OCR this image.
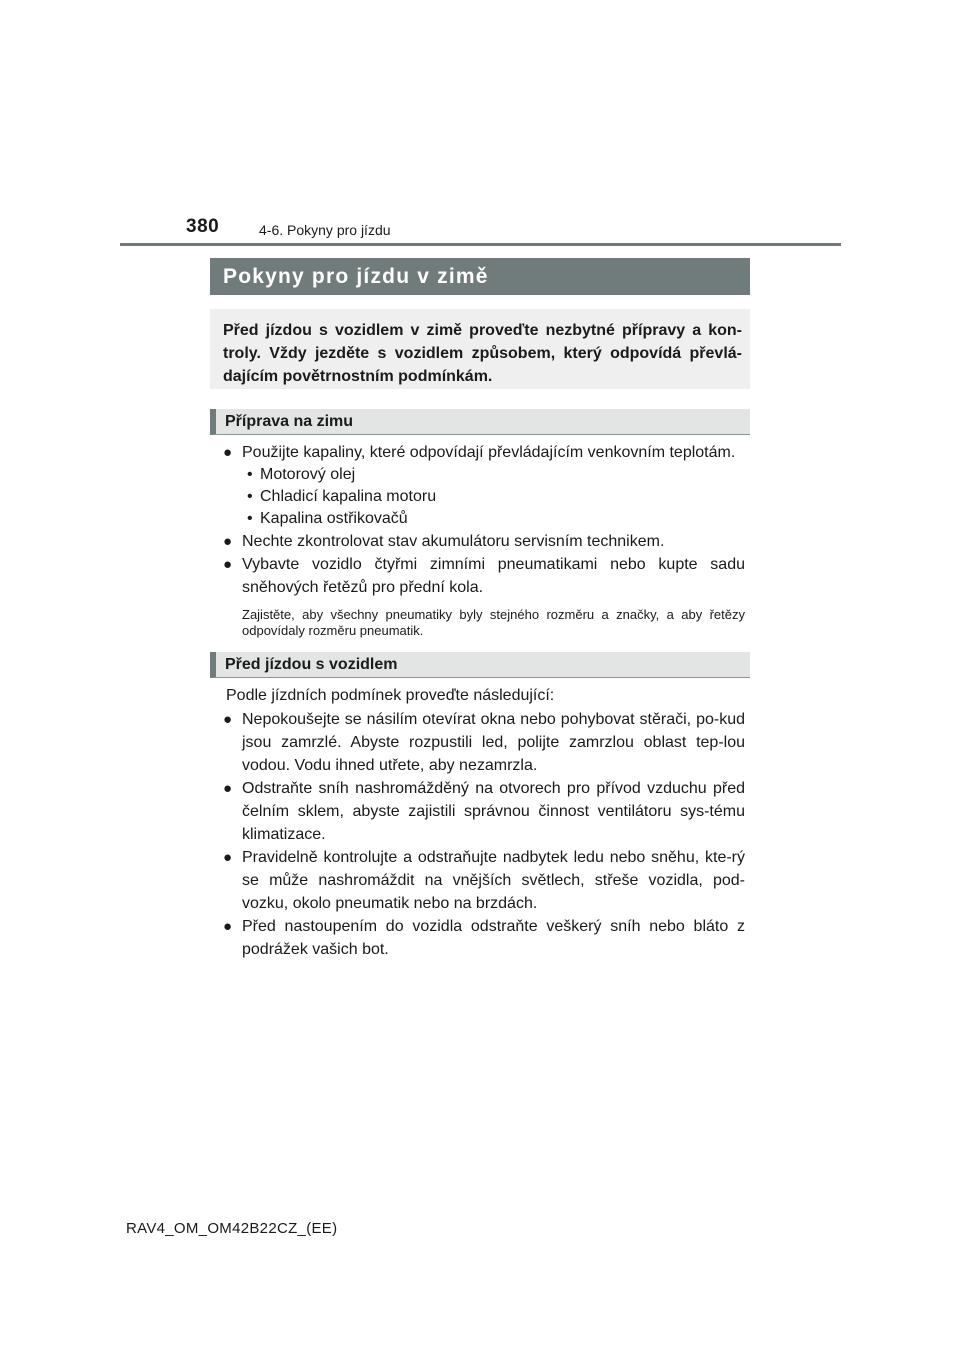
380	4-6. Pokyny pro jízdu
Pokyny pro jízdu v zimě
Před jízdou s vozidlem v zimě proveďte nezbytné přípravy a kon-troly. Vždy jezděte s vozidlem způsobem, který odpovídá převlá-dajícím povětrnostním podmínkám.
Příprava na zimu

● Použijte kapaliny, které odpovídají převládajícím venkovním teplotám.

• Motorový olej

• Chladicí kapalina motoru

• Kapalina ostřikovačů

● Nechte zkontrolovat stav akumulátoru servisním technikem.

● Vybavte vozidlo čtyřmi zimními pneumatikami nebo kupte sadu sněhových řetězů pro přední kola.

Zajistěte, aby všechny pneumatiky byly stejného rozměru a značky, a aby řetězy odpovídaly rozměru pneumatik.

Před jízdou s vozidlem

Podle jízdních podmínek proveďte následující:

● Nepokoušejte se násilím otevírat okna nebo pohybovat stěrači, po-kud jsou zamrzlé. Abyste rozpustili led, polijte zamrzlou oblast tep-lou vodou. Vodu ihned utřete, aby nezamrzla.

● Odstraňte sníh nashromážděný na otvorech pro přívod vzduchu před čelním sklem, abyste zajistili správnou činnost ventilátoru sys-tému klimatizace.

● Pravidelně kontrolujte a odstraňujte nadbytek ledu nebo sněhu, kte-rý se může nashromáždit na vnějších světlech, střeše vozidla, pod-vozku, okolo pneumatik nebo na brzdách.

● Před nastoupením do vozidla odstraňte veškerý sníh nebo bláto z podrážek vašich bot.

RAV4_OM_OM42B22CZ_(EE)
